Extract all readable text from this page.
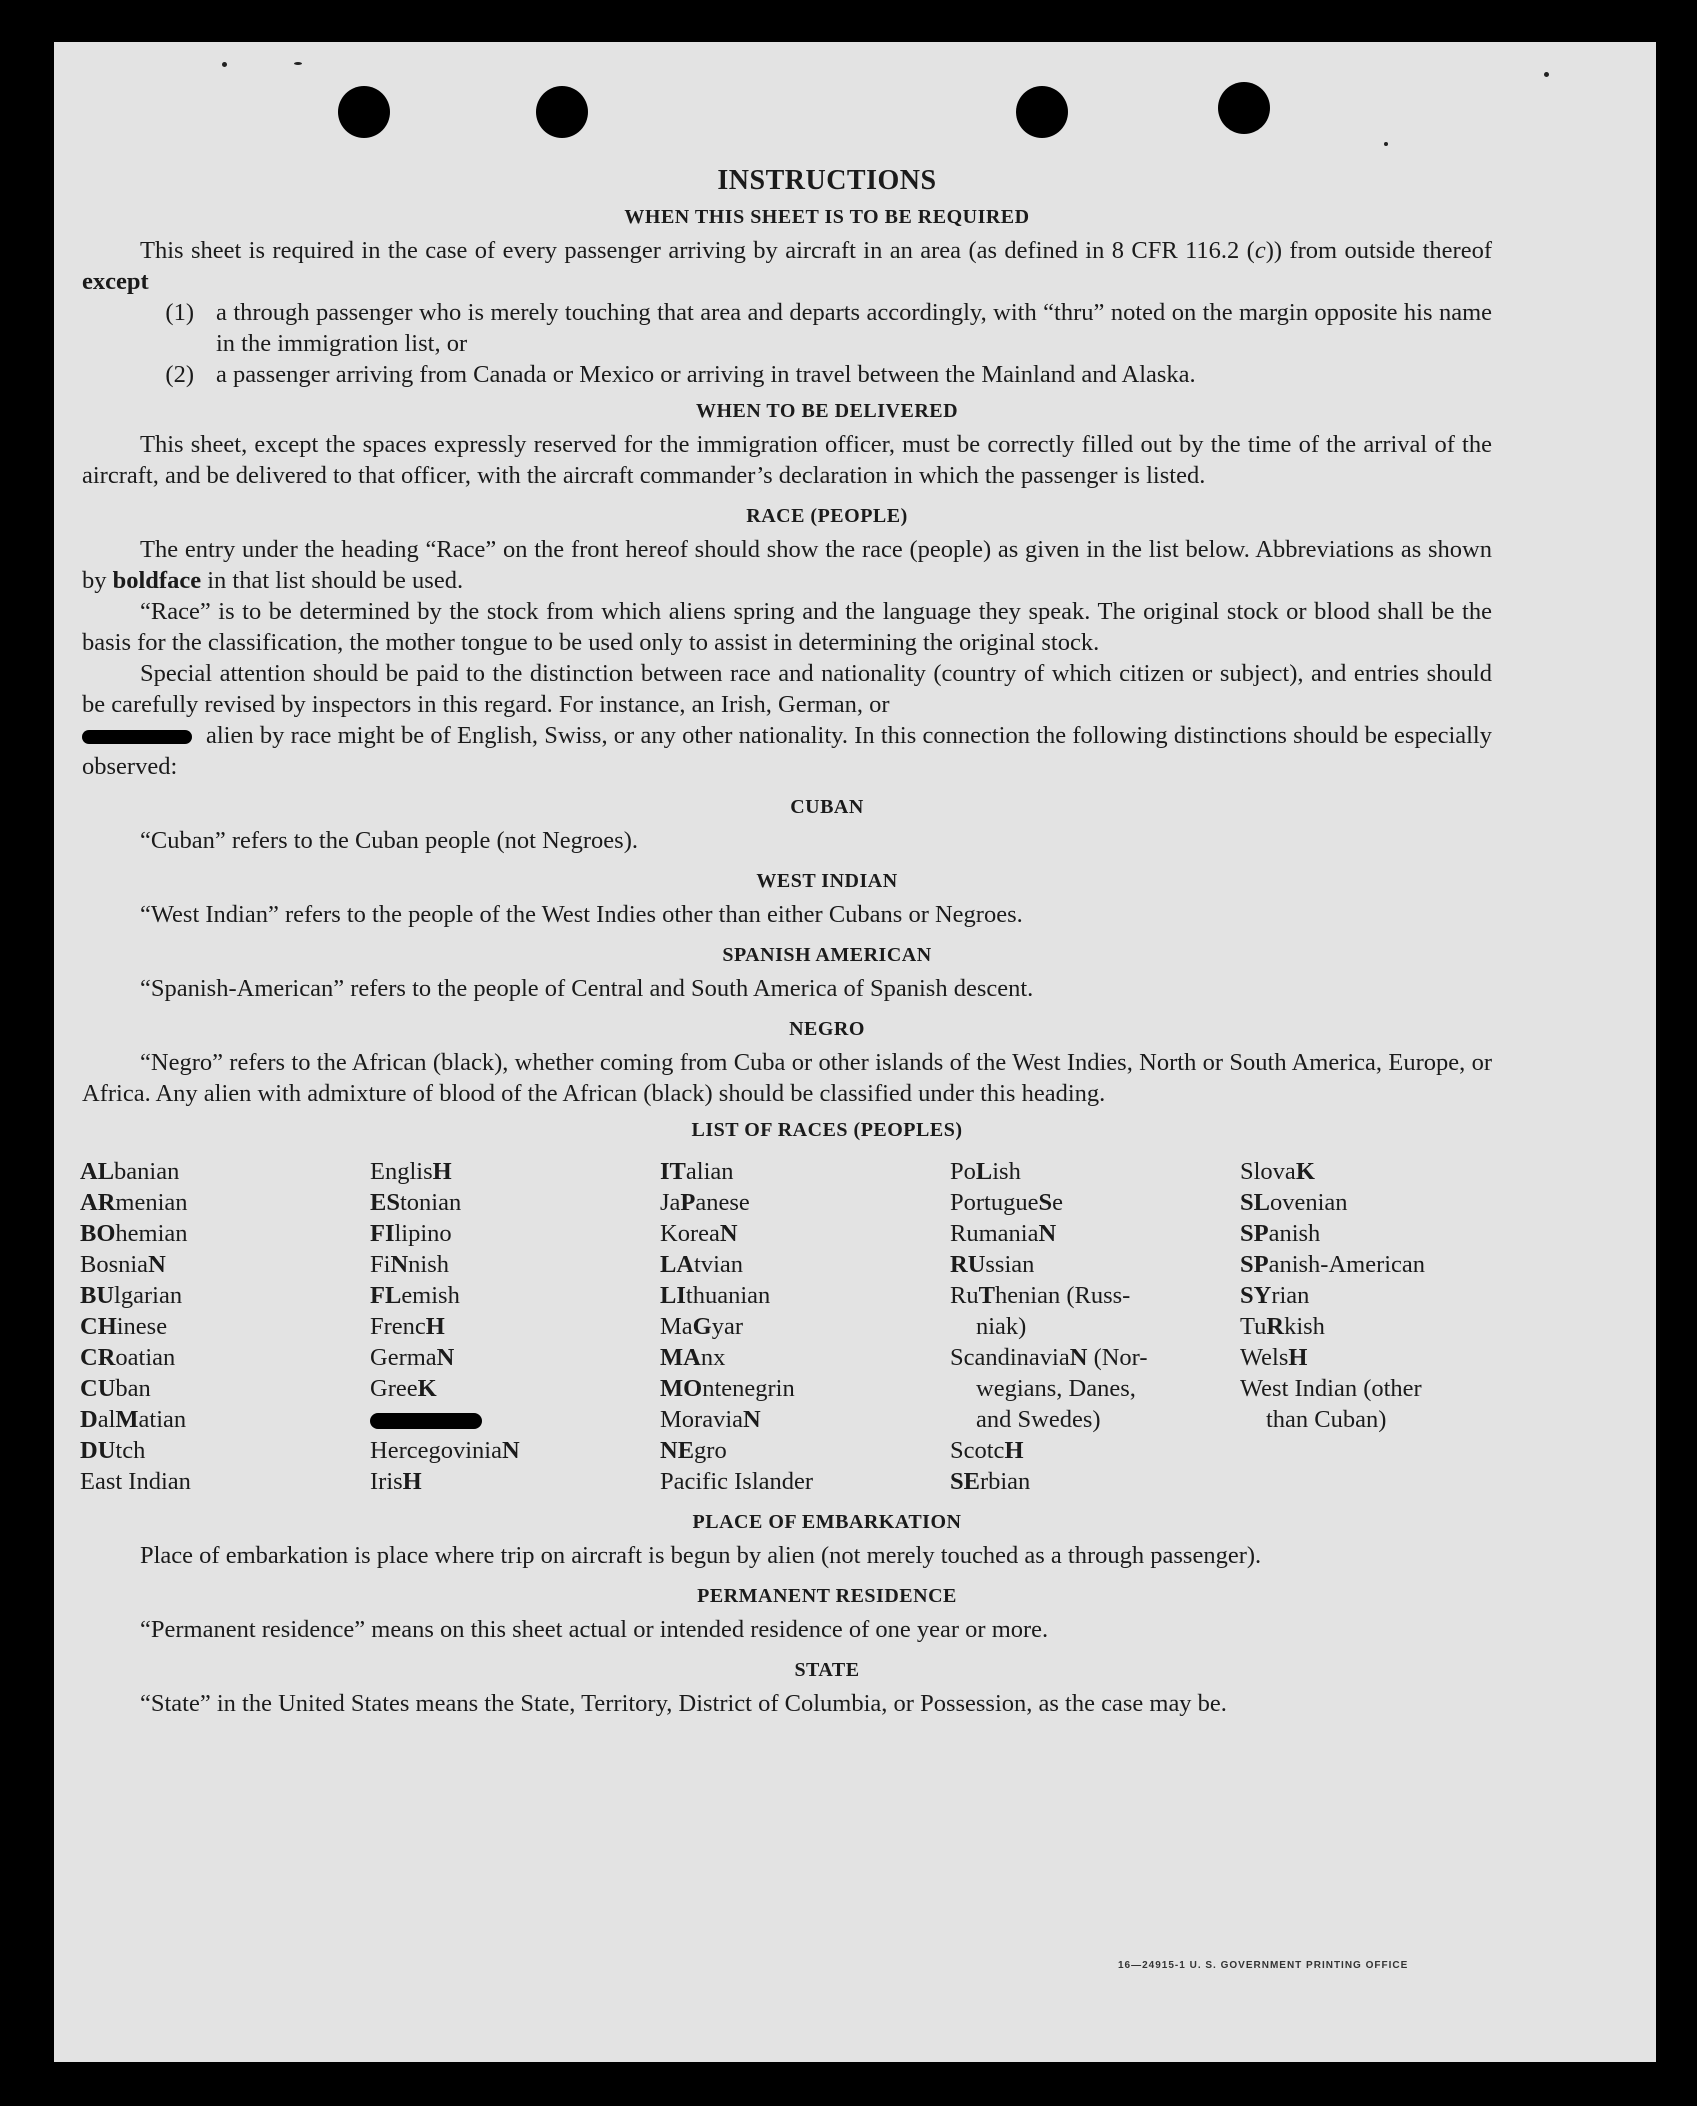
INSTRUCTIONS
WHEN THIS SHEET IS TO BE REQUIRED

This sheet is required in the case of every passenger arriving by aircraft in an area (as defined in 8 CFR 116.2 (c)) from outside thereof except

(1) a through passenger who is merely touching that area and departs accordingly, with “thru” noted on the margin opposite his name in the immigration list, or
(2) a passenger arriving from Canada or Mexico or arriving in travel between the Mainland and Alaska.
WHEN TO BE DELIVERED

This sheet, except the spaces expressly reserved for the immigration officer, must be correctly filled out by the time of the arrival of the aircraft, and be delivered to that officer, with the aircraft commander’s declaration in which the passenger is listed.

RACE (PEOPLE)

The entry under the heading “Race” on the front hereof should show the race (people) as given in the list below. Abbreviations as shown by boldface in that list should be used.

“Race” is to be determined by the stock from which aliens spring and the language they speak. The original stock or blood shall be the basis for the classification, the mother tongue to be used only to assist in determining the original stock.

Special attention should be paid to the distinction between race and nationality (country of which citizen or subject), and entries should be carefully revised by inspectors in this regard. For instance, an Irish, German, or

alien by race might be of English, Swiss, or any other nationality. In this connection the following distinctions should be especially observed:

CUBAN

“Cuban” refers to the Cuban people (not Negroes).

WEST INDIAN

“West Indian” refers to the people of the West Indies other than either Cubans or Negroes.

SPANISH AMERICAN

“Spanish-American” refers to the people of Central and South America of Spanish descent.

NEGRO

“Negro” refers to the African (black), whether coming from Cuba or other islands of the West Indies, North or South America, Europe, or Africa. Any alien with admixture of blood of the African (black) should be classified under this heading.

LIST OF RACES (PEOPLES)
ALbanian
ARmenian
BOhemian
BosniaN
BUlgarian
CHinese
CRoatian
CUban
DalMatian
DUtch
East Indian
EnglisH
EStonian
FIlipino
FiNnish
FLemish
FrencH
GermaN
GreeK
HercegoviniaN
IrisH
ITalian
JaPanese
KoreaN
LAtvian
LIthuanian
MaGyar
MAnx
MOntenegrin
MoraviaN
NEgro
Pacific Islander
PoLish
PortugueSe
RumaniaN
RUssian
RuThenian (Russ-
niak)
ScandinaviaN (Nor-
wegians, Danes,
and Swedes)
ScotcH
SErbian
SlovaK
SLovenian
SPanish
SPanish-American
SYrian
TuRkish
WelsH
West Indian (other
than Cuban)
PLACE OF EMBARKATION

Place of embarkation is place where trip on aircraft is begun by alien (not merely touched as a through passenger).

PERMANENT RESIDENCE

“Permanent residence” means on this sheet actual or intended residence of one year or more.

STATE

“State” in the United States means the State, Territory, District of Columbia, or Possession, as the case may be.

16—24915-1 U. S. GOVERNMENT PRINTING OFFICE
